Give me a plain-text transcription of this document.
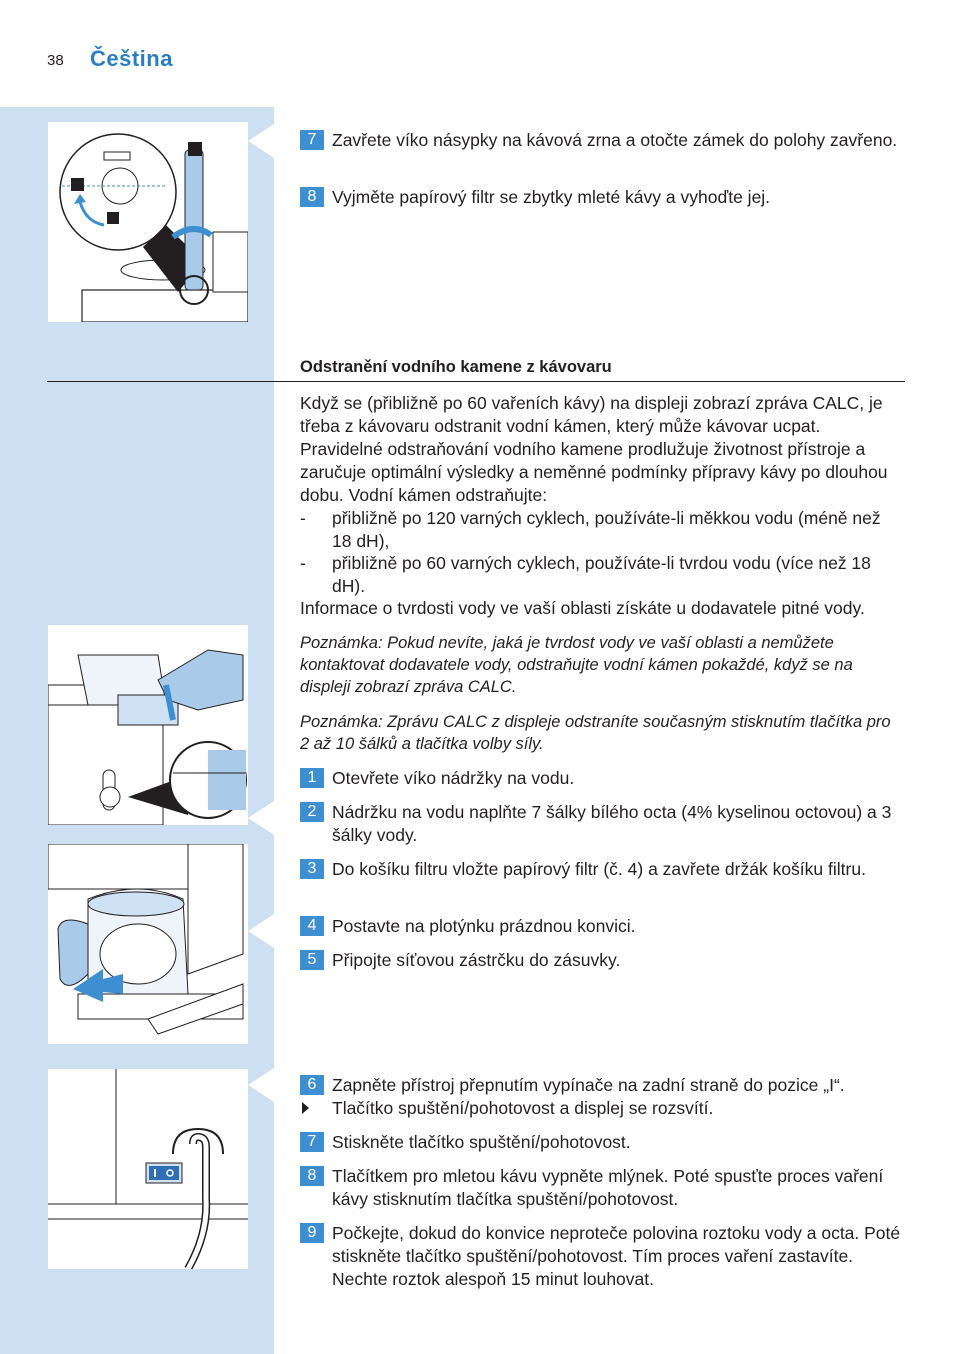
38 Čeština
7 Zavřete víko násypky na kávová zrna a otočte zámek do polohy zavřeno.
8 Vyjměte papírový filtr se zbytky mleté kávy a vyhoďte jej.
Odstranění vodního kamene z kávovaru
Když se (přibližně po 60 vařeních kávy) na displeji zobrazí zpráva CALC, je třeba z kávovaru odstranit vodní kámen, který může kávovar ucpat. Pravidelné odstraňování vodního kamene prodlužuje životnost přístroje a zaručuje optimální výsledky a neměnné podmínky přípravy kávy po dlouhou dobu. Vodní kámen odstraňujte:
- přibližně po 120 varných cyklech, používáte-li měkkou vodu (méně než 18 dH),
- přibližně po 60 varných cyklech, používáte-li tvrdou vodu (více než 18 dH).
Informace o tvrdosti vody ve vaší oblasti získáte u dodavatele pitné vody.
Poznámka: Pokud nevíte, jaká je tvrdost vody ve vaší oblasti a nemůžete kontaktovat dodavatele vody, odstraňujte vodní kámen pokaždé, když se na displeji zobrazí zpráva CALC.
Poznámka: Zprávu CALC z displeje odstraníte současným stisknutím tlačítka pro 2 až 10 šálků a tlačítka volby síly.
1 Otevřete víko nádržky na vodu.
2 Nádržku na vodu naplňte 7 šálky bílého octa (4% kyselinou octovou) a 3 šálky vody.
3 Do košíku filtru vložte papírový filtr (č. 4) a zavřete držák košíku filtru.
4 Postavte na plotýnku prázdnou konvici.
5 Připojte síťovou zástrčku do zásuvky.
6 Zapněte přístroj přepnutím vypínače na zadní straně do pozice „I“.
Tlačítko spuštění/pohotovost a displej se rozsvítí.
7 Stiskněte tlačítko spuštění/pohotovost.
8 Tlačítkem pro mletou kávu vypněte mlýnek. Poté spusťte proces vaření kávy stisknutím tlačítka spuštění/pohotovost.
9 Počkejte, dokud do konvice neproteče polovina roztoku vody a octa. Poté stiskněte tlačítko spuštění/pohotovost. Tím proces vaření zastavíte. Nechte roztok alespoň 15 minut louhovat.
